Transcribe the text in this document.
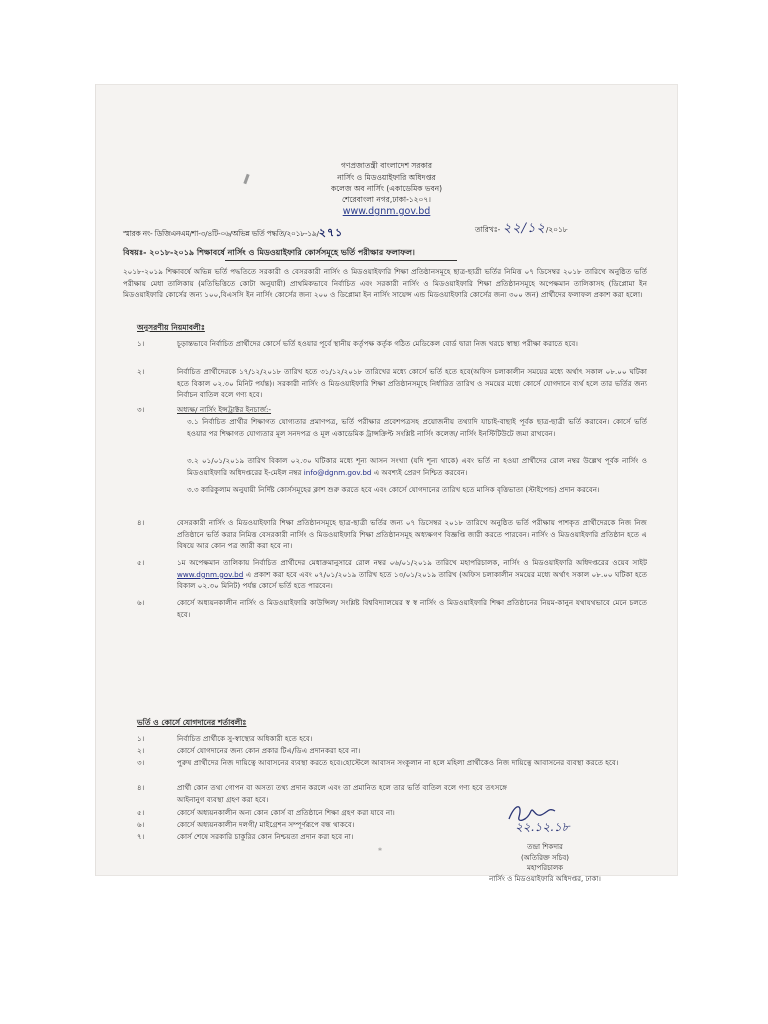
গণপ্রজাতন্ত্রী বাংলাদেশ সরকার
নার্সিং ও মিডওয়াইফারি অধিদপ্তর
কলেজ অব নার্সিং (একাডেমিক ভবন)
শেরেবাংলা নগর,ঢাকা-১২০৭।
www.dgnm.gov.bd
স্মারক নং- ডিজিএনএম/শা-৩/৪টি-০৬/অভিন্ন ভর্তি পদ্ধতি/২০১৮-১৯/২৭১	তারিখঃ- ২২/১২/২০১৮
বিষয়ঃ- ২০১৮-২০১৯ শিক্ষাবর্ষে নার্সিং ও মিডওয়াইফারি কোর্সসমূহে ভর্তি পরীক্ষার ফলাফল।
২০১৮-২০১৯ শিক্ষাবর্ষে অভিন্ন ভর্তি পদ্ধতিতে সরকারী ও বেসরকারী নার্সিং ও মিডওয়াইফারি শিক্ষা প্রতিষ্ঠানসমূহে ছাত্র-ছাত্রী ভর্তির নিমিত্ত ০৭ ডিসেম্বর ২০১৮ তারিখে অনুষ্ঠিত ভর্তি পরীক্ষায় মেধা তালিকায় (মতিভিত্তিতে কোটা অনুযায়ী) প্রাথমিকভাবে নির্বাচিত এবং সরকারী নার্সিং ও মিডওয়াইফারি শিক্ষা প্রতিষ্ঠানসমূহে অপেক্ষমান তালিকাসহ (ডিপ্লোমা ইন মিডওয়াইফারি কোর্সের জন্য ১০০,বিএসসি ইন নার্সিং কোর্সের জন্য ২০০ ও ডিপ্লোমা ইন নার্সিং সায়েন্স এন্ড মিডওয়াইফারি কোর্সের জন্য ৩০০ জন) প্রার্থীদের ফলাফল প্রকাশ করা হলো।
অনুসরণীয় নিয়মাবলীঃ
১।	চূড়ান্তভাবে নির্বাচিত প্রার্থীদের কোর্সে ভর্তি হওয়ার পূর্বে স্থানীয় কর্তৃপক্ষ কর্তৃক গঠিত মেডিকেল বোর্ড দ্বারা নিজ খরচে স্বাস্থ্য পরীক্ষা করাতে হবে।
২।	নির্বাচিত প্রার্থীদেরকে ১৭/১২/২০১৮ তারিখ হতে ৩১/১২/২০১৮ তারিখের মধ্যে কোর্সে ভর্তি হতে হবে(অফিস চলাকালীন সময়ের মধ্যে অর্থাৎ সকাল ০৮.০০ ঘটিকা হতে বিকাল ০২.৩০ মিনিট পর্যন্ত)। সরকারী নার্সিং ও মিডওয়াইফারি শিক্ষা প্রতিষ্ঠানসমূহে নির্ধারিত তারিখ ও সময়ের মধ্যে কোর্সে যোগদানে ব্যর্থ হলে তার ভর্তির জন্য নির্বাচন বাতিল বলে গণ্য হবে।
৩।	অধ্যক্ষ/ নার্সিং ইন্সট্রাক্টর ইনচার্জ:-
৩.১ নির্বাচিত প্রার্থীর শিক্ষাগত যোগ্যতার প্রমাণপত্র, ভর্তি পরীক্ষার প্রবেশপত্রসহ প্রয়োজনীয় তথ্যাদি যাচাই-বাছাই পূর্বক ছাত্র-ছাত্রী ভর্তি করাবেন। কোর্সে ভর্তি হওয়ার পর শিক্ষাগত যোগ্যতার মূল সনদপত্র ও মূল একাডেমিক ট্রান্সক্রিপ্ট সংশ্লিষ্ট নার্সিং কলেজ/ নার্সিং ইনস্টিটিউটে জমা রাখবেন।
৩.২ ০১/০১/২০১৯ তারিখ বিকাল ০২.৩০ ঘটিকার মধ্যে শূন্য আসন সংখ্যা (যদি শূন্য থাকে) এবং ভর্তি না হওয়া প্রার্থীদের রোল নম্বর উল্লেখ পূর্বক নার্সিং ও মিডওয়াইফারি অধিদপ্তরের ই-মেইল নম্বর info@dgnm.gov.bd এ অবশ্যই প্রেরণ নিশ্চিত করবেন।
৩.৩ কারিকুলাম অনুযায়ী নির্দিষ্ট কোর্সসমূহের ক্লাশ শুরু করতে হবে এবং কোর্সে যোগদানের তারিখ হতে মাসিক বৃত্তিভাতা (স্টাইপেন্ড) প্রদান করবেন।
৪।	বেসরকারী নার্সিং ও মিডওয়াইফারি শিক্ষা প্রতিষ্ঠানসমূহে ছাত্র-ছাত্রী ভর্তির জন্য ০৭ ডিসেম্বর ২০১৮ তারিখে অনুষ্ঠিত ভর্তি পরীক্ষায় পাশকৃত প্রার্থীদেরকে নিজ নিজ প্রতিষ্ঠানে ভর্তি করার নিমিত্ত বেসরকারী নার্সিং ও মিডওয়াইফারি শিক্ষা প্রতিষ্ঠানসমূহ অধ্যক্ষগণ বিজ্ঞপ্তি জারী করতে পারবেন। নার্সিং ও মিডওয়াইফারি প্রতিষ্ঠান হতে এ বিষয়ে আর কোন পত্র জারী করা হবে না।
৫।	১ম অপেক্ষমান তালিকায় নির্বাচিত প্রার্থীদের মেধাক্রমানুসারে রোল নম্বর ০৬/০১/২০১৯ তারিখে মহাপরিচালক, নার্সিং ও মিডওয়াইফারি অধিদপ্তরের ওয়েব সাইট www.dgnm.gov.bd এ প্রকাশ করা হবে এবং ০৭/০১/২০১৯ তারিখ হতে ১৩/০১/২০১৯ তারিখ (অফিস চলাকালীন সময়ের মধ্যে অর্থাৎ সকাল ০৮.০০ ঘটিকা হতে বিকাল ০২.৩০ মিনিট) পর্যন্ত কোর্সে ভর্তি হতে পারবেন।
৬।	কোর্সে অধ্যয়নকালীন নার্সিং ও মিডওয়াইফারি কাউন্সিল/ সংশ্লিষ্ট বিশ্ববিদ্যালয়ের স্ব স্ব নার্সিং ও মিডওয়াইফারি শিক্ষা প্রতিষ্ঠানের নিয়ম-কানুন যথাযথভাবে মেনে চলতে হবে।
ভর্তি ও কোর্সে যোগদানের শর্তাবলীঃ
১।	নির্বাচিত প্রার্থীকে সু-স্বাস্থ্যের অধিকারী হতে হবে।
২।	কোর্সে যোগদানের জন্য কোন প্রকার টিএ/ডিএ প্রদানকরা হবে না।
৩।	পুরুষ প্রার্থীদের নিজ দায়িত্বে আবাসনের ব্যবস্থা করতে হবে।হোস্টেলে আবাসন সংকুলান না হলে মহিলা প্রার্থীকেও নিজ দায়িত্বে আবাসনের ব্যবস্থা করতে হবে।
৪।	প্রার্থী কোন তথ্য গোপন বা অসত্য তথ্য প্রদান করলে এবং তা প্রমানিত হলে তার ভর্তি বাতিল বলে গণ্য হবে তৎসঙ্গে আইনানুগ ব্যবস্থা গ্রহণ করা হবে।
৫।	কোর্সে অধ্যয়নকালীন অন্য কোন কোর্স বা প্রতিষ্ঠানে শিক্ষা গ্রহণ করা যাবে না।
৬।	কোর্সে অধ্যয়নকালীন দলগী/ মাইগ্রেশন সম্পূর্ণরূপে বন্ধ থাকবে।
৭।	কোর্স শেষে সরকারি চাকুরির কোন নিশ্চয়তা প্রদান করা হবে না।
২২.১২.১৮
তন্দ্রা শিকদার
(অতিরিক্ত সচিব)
মহাপরিচালক
নার্সিং ও মিডওয়াইফারি অধিদপ্তর, ঢাকা।
⁎
